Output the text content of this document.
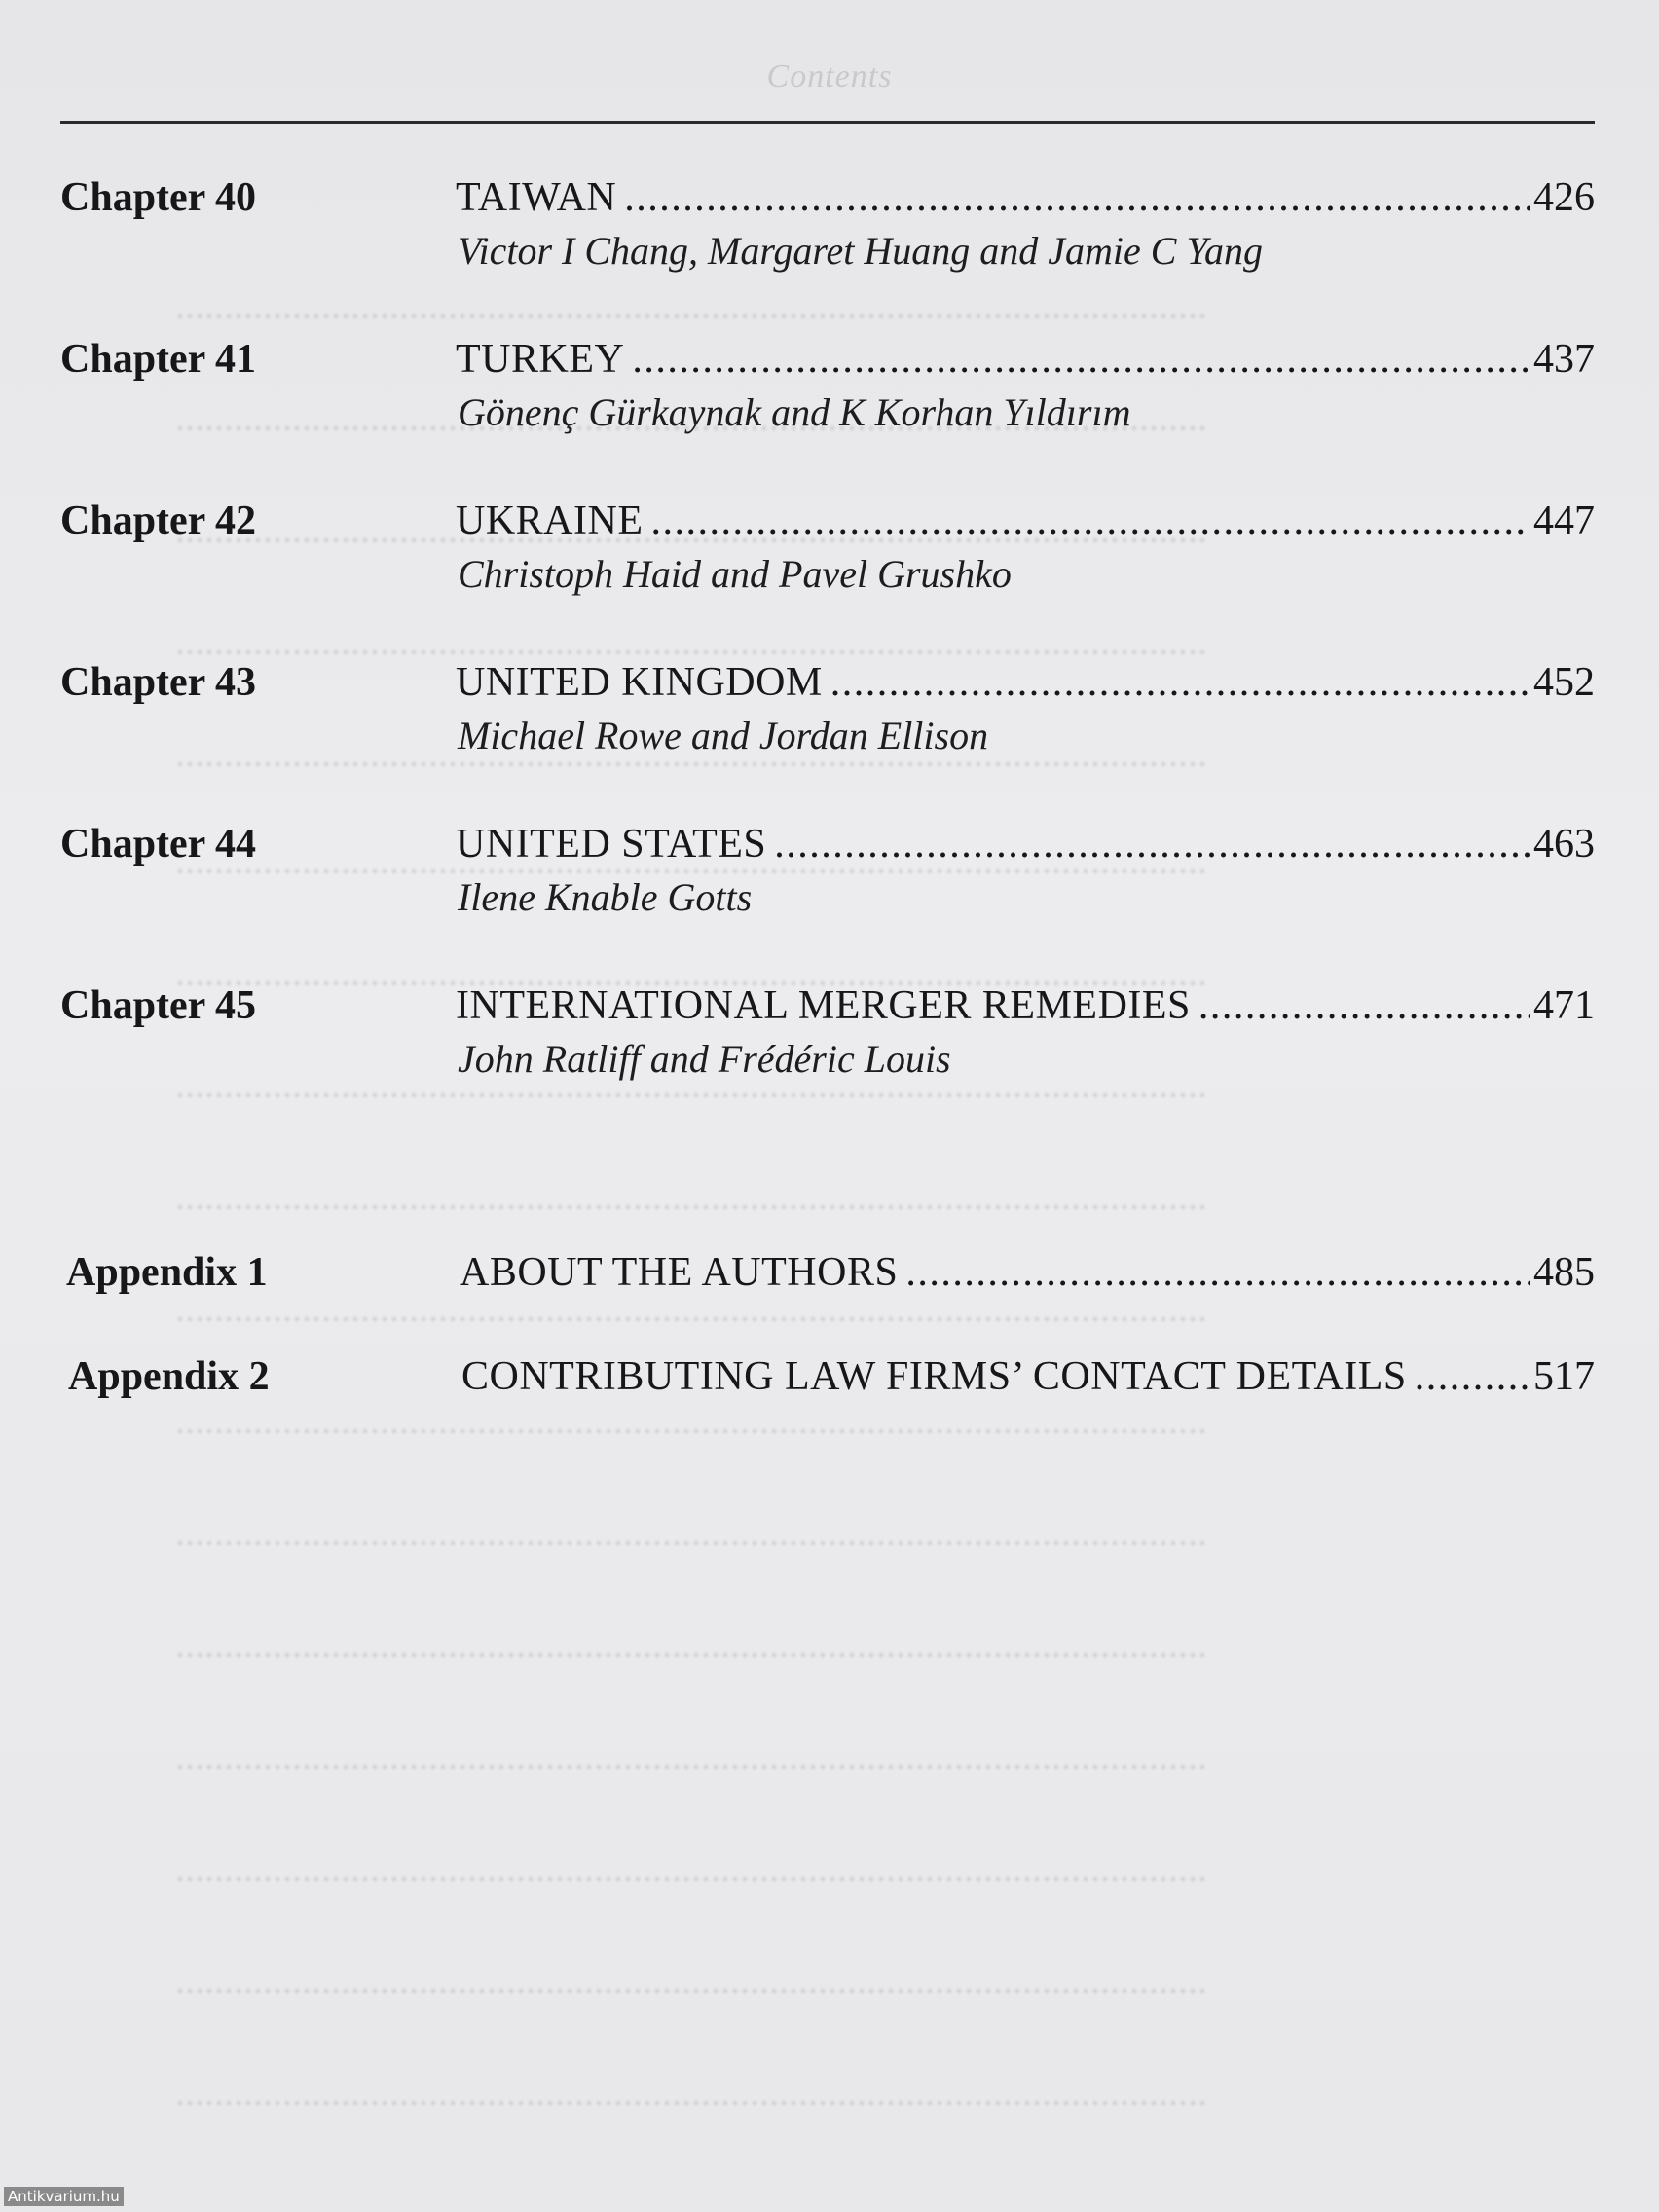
.....
.....
.....
.....
.....
.....
.....
.....
.....
.....
.....
.....
.....
.....
.....
.....
.....
Contents
Chapter 40	TAIWAN .....	426
Victor I Chang, Margaret Huang and Jamie C Yang
Chapter 41	TURKEY .....	437
Gönenç Gürkaynak and K Korhan Yıldırım
Chapter 42	UKRAINE .....	447
Christoph Haid and Pavel Grushko
Chapter 43	UNITED KINGDOM .....	452
Michael Rowe and Jordan Ellison
Chapter 44	UNITED STATES .....	463
Ilene Knable Gotts
Chapter 45	INTERNATIONAL MERGER REMEDIES .....	471
John Ratliff and Frédéric Louis
Appendix 1	ABOUT THE AUTHORS .....	485
Appendix 2	CONTRIBUTING LAW FIRMS’ CONTACT DETAILS .....	517
Antikvarium.hu
